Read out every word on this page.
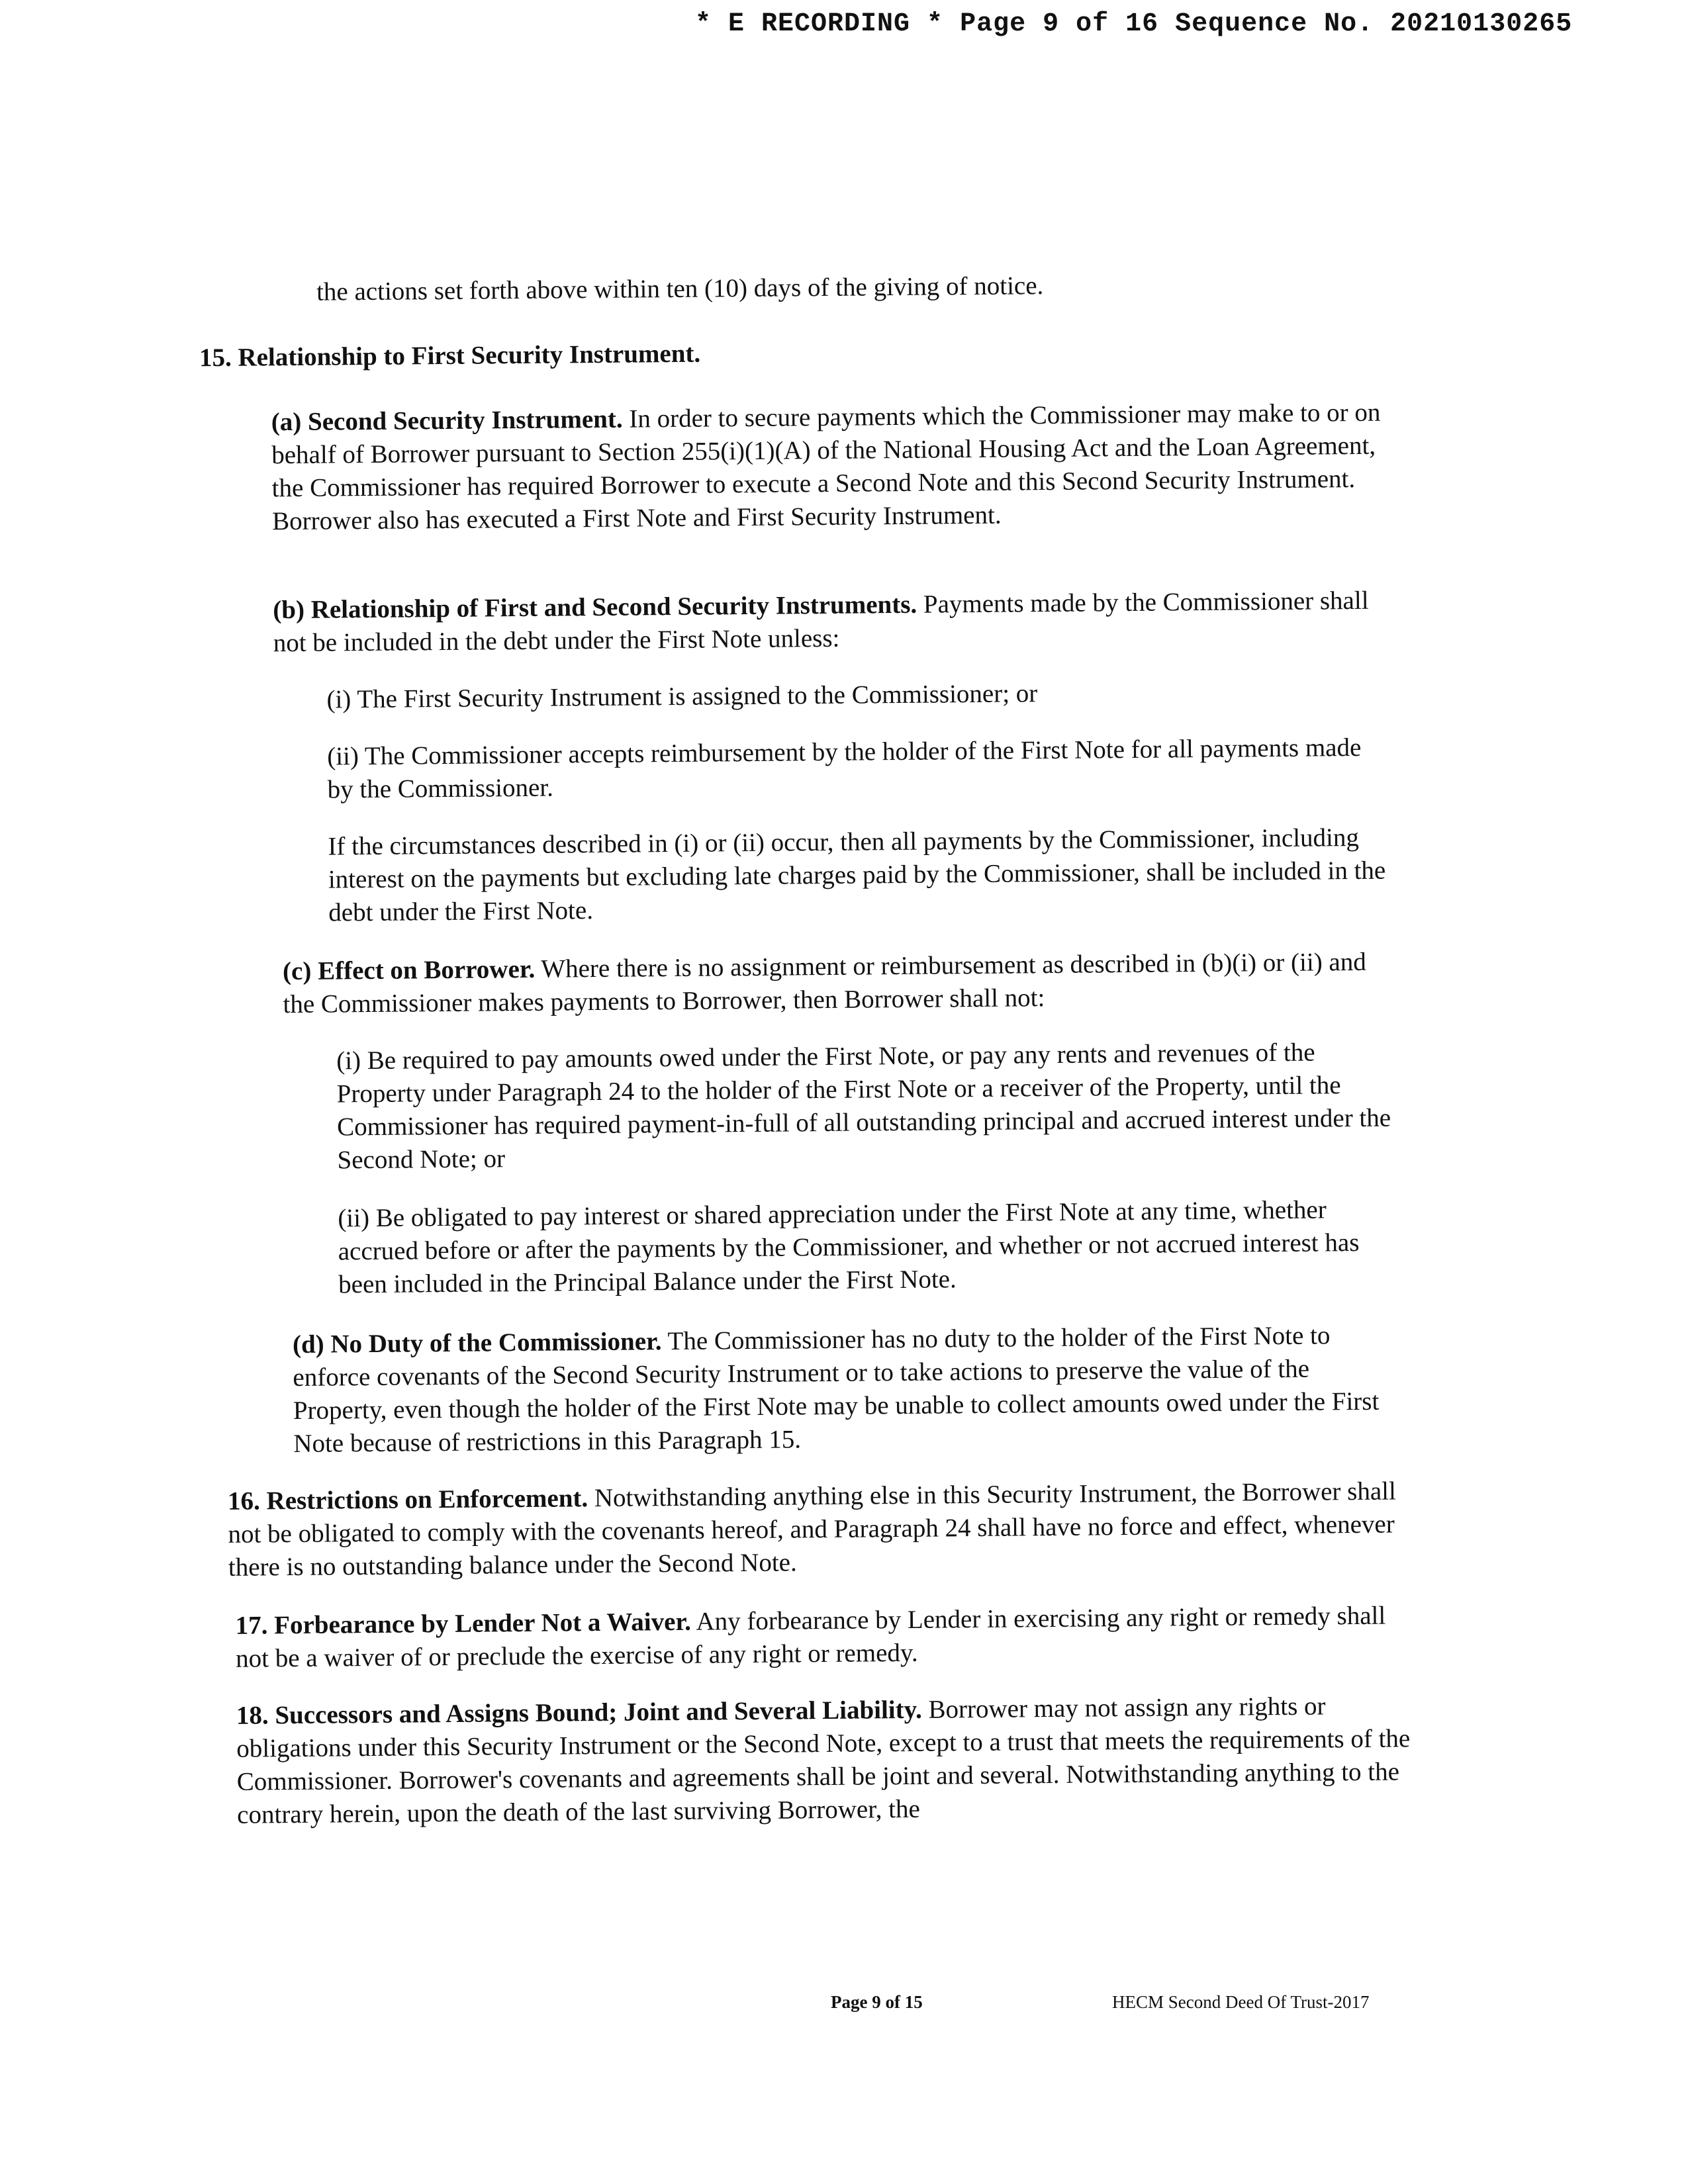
* E RECORDING * Page 9 of 16 Sequence No. 20210130265

the actions set forth above within ten (10) days of the giving of notice.

15. Relationship to First Security Instrument.

(a) Second Security Instrument. In order to secure payments which the Commissioner may make to or on behalf of Borrower pursuant to Section 255(i)(1)(A) of the National Housing Act and the Loan Agreement, the Commissioner has required Borrower to execute a Second Note and this Second Security Instrument. Borrower also has executed a First Note and First Security Instrument.

(b) Relationship of First and Second Security Instruments. Payments made by the Commissioner shall not be included in the debt under the First Note unless:

(i) The First Security Instrument is assigned to the Commissioner; or

(ii) The Commissioner accepts reimbursement by the holder of the First Note for all payments made by the Commissioner.

If the circumstances described in (i) or (ii) occur, then all payments by the Commissioner, including interest on the payments but excluding late charges paid by the Commissioner, shall be included in the debt under the First Note.

(c) Effect on Borrower. Where there is no assignment or reimbursement as described in (b)(i) or (ii) and the Commissioner makes payments to Borrower, then Borrower shall not:

(i) Be required to pay amounts owed under the First Note, or pay any rents and revenues of the Property under Paragraph 24 to the holder of the First Note or a receiver of the Property, until the Commissioner has required payment-in-full of all outstanding principal and accrued interest under the Second Note; or

(ii) Be obligated to pay interest or shared appreciation under the First Note at any time, whether accrued before or after the payments by the Commissioner, and whether or not accrued interest has been included in the Principal Balance under the First Note.

(d) No Duty of the Commissioner. The Commissioner has no duty to the holder of the First Note to enforce covenants of the Second Security Instrument or to take actions to preserve the value of the Property, even though the holder of the First Note may be unable to collect amounts owed under the First Note because of restrictions in this Paragraph 15.

16. Restrictions on Enforcement. Notwithstanding anything else in this Security Instrument, the Borrower shall not be obligated to comply with the covenants hereof, and Paragraph 24 shall have no force and effect, whenever there is no outstanding balance under the Second Note.

17. Forbearance by Lender Not a Waiver. Any forbearance by Lender in exercising any right or remedy shall not be a waiver of or preclude the exercise of any right or remedy.

18. Successors and Assigns Bound; Joint and Several Liability. Borrower may not assign any rights or obligations under this Security Instrument or the Second Note, except to a trust that meets the requirements of the Commissioner. Borrower's covenants and agreements shall be joint and several. Notwithstanding anything to the contrary herein, upon the death of the last surviving Borrower, the

Page 9 of 15	HECM Second Deed Of Trust-2017
